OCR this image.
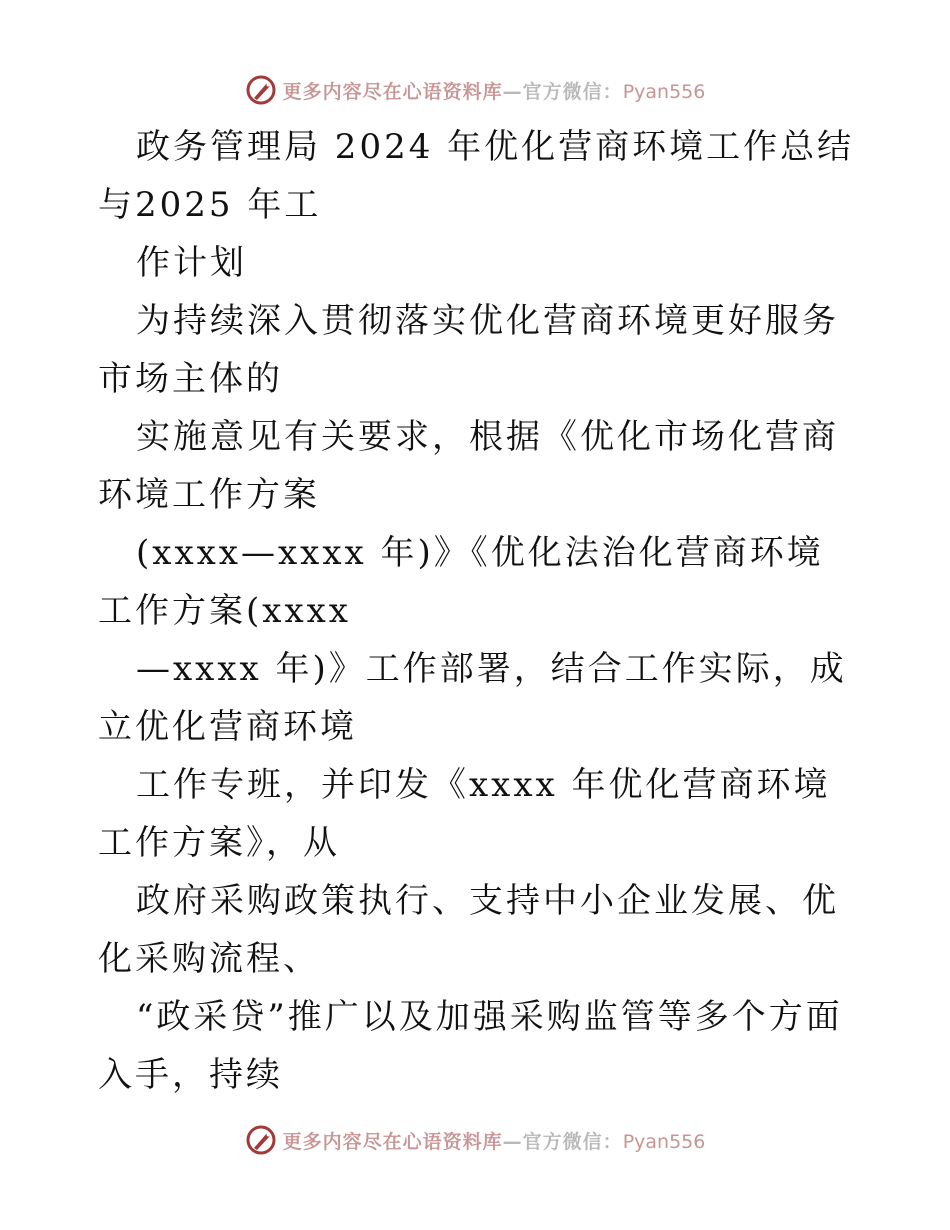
更多内容尽在心语资料库—官方微信：Pyan556

政务管理局 2024 年优化营商环境工作总结与2025 年工

作计划

为持续深入贯彻落实优化营商环境更好服务市场主体的

实施意见有关要求，根据《优化市场化营商环境工作方案

(xxxx—xxxx 年)》《优化法治化营商环境工作方案(xxxx

—xxxx 年)》工作部署，结合工作实际，成立优化营商环境

工作专班，并印发《xxxx 年优化营商环境工作方案》，从

政府采购政策执行、支持中小企业发展、优化采购流程、

“政采贷”推广以及加强采购监管等多个方面入手，持续

更多内容尽在心语资料库—官方微信：Pyan556
